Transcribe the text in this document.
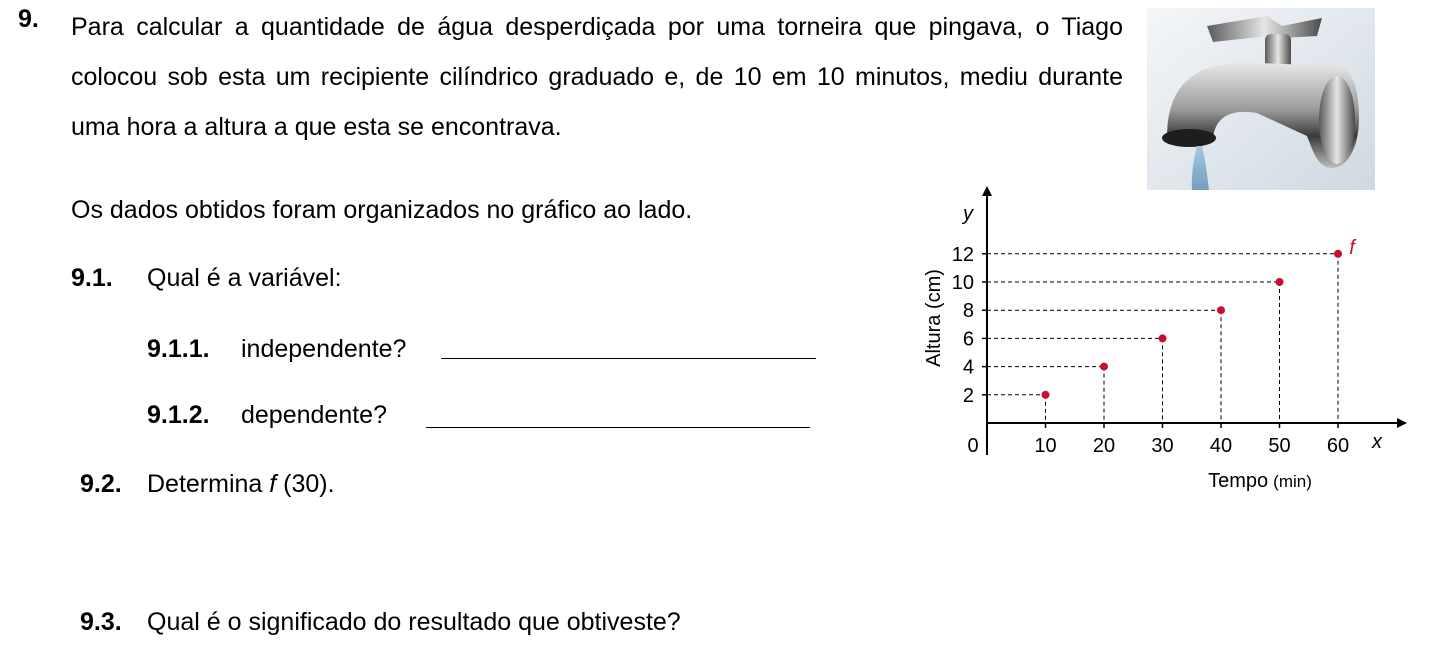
9. Para calcular a quantidade de água desperdiçada por uma torneira que pingava, o Tiago colocou sob esta um recipiente cilíndrico graduado e, de 10 em 10 minutos, mediu durante uma hora a altura a que esta se encontrava.
Os dados obtidos foram organizados no gráfico ao lado.
9.1. Qual é a variável:
9.1.1. independente?
9.1.2. dependente?
9.2. Determina f (30).
9.3. Qual é o significado do resultado que obtiveste?
2
4
6
8
10
12
0	10 20 30 40 50 60
y
x
f
Altura (cm)
Tempo (min)
